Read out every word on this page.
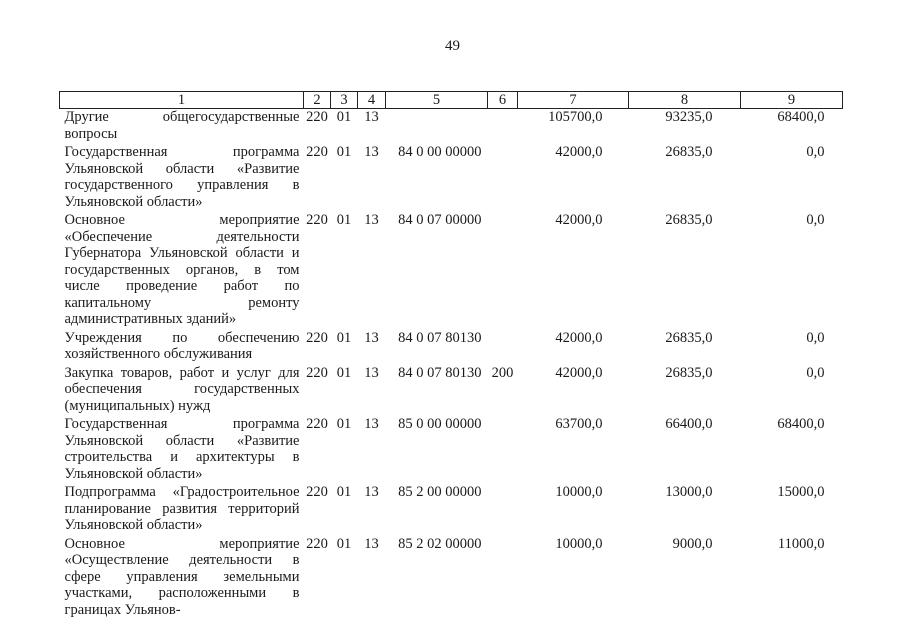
49
1	2	3	4	5	6	7	8	9
Другие общегосударственные вопросы	220	01	13			105700,0	93235,0	68400,0
Государственная программа Ульяновской области «Развитие государственного управления в Ульяновской области»	220	01	13	84 0 00 00000		42000,0	26835,0	0,0
Основное мероприятие «Обеспечение деятельности Губернатора Ульяновской области и государственных органов, в том числе проведение работ по капитальному ремонту административных зданий»	220	01	13	84 0 07 00000		42000,0	26835,0	0,0
Учреждения по обеспечению хозяйственного обслуживания	220	01	13	84 0 07 80130		42000,0	26835,0	0,0
Закупка товаров, работ и услуг для обеспечения государственных (муниципальных) нужд	220	01	13	84 0 07 80130	200	42000,0	26835,0	0,0
Государственная программа Ульяновской области «Развитие строительства и архитектуры в Ульяновской области»	220	01	13	85 0 00 00000		63700,0	66400,0	68400,0
Подпрограмма «Градостроительное планирование развития территорий Ульяновской области»	220	01	13	85 2 00 00000		10000,0	13000,0	15000,0
Основное мероприятие «Осуществление деятельности в сфере управления земельными участками, расположенными в границах Ульянов-	220	01	13	85 2 02 00000		10000,0	9000,0	11000,0
